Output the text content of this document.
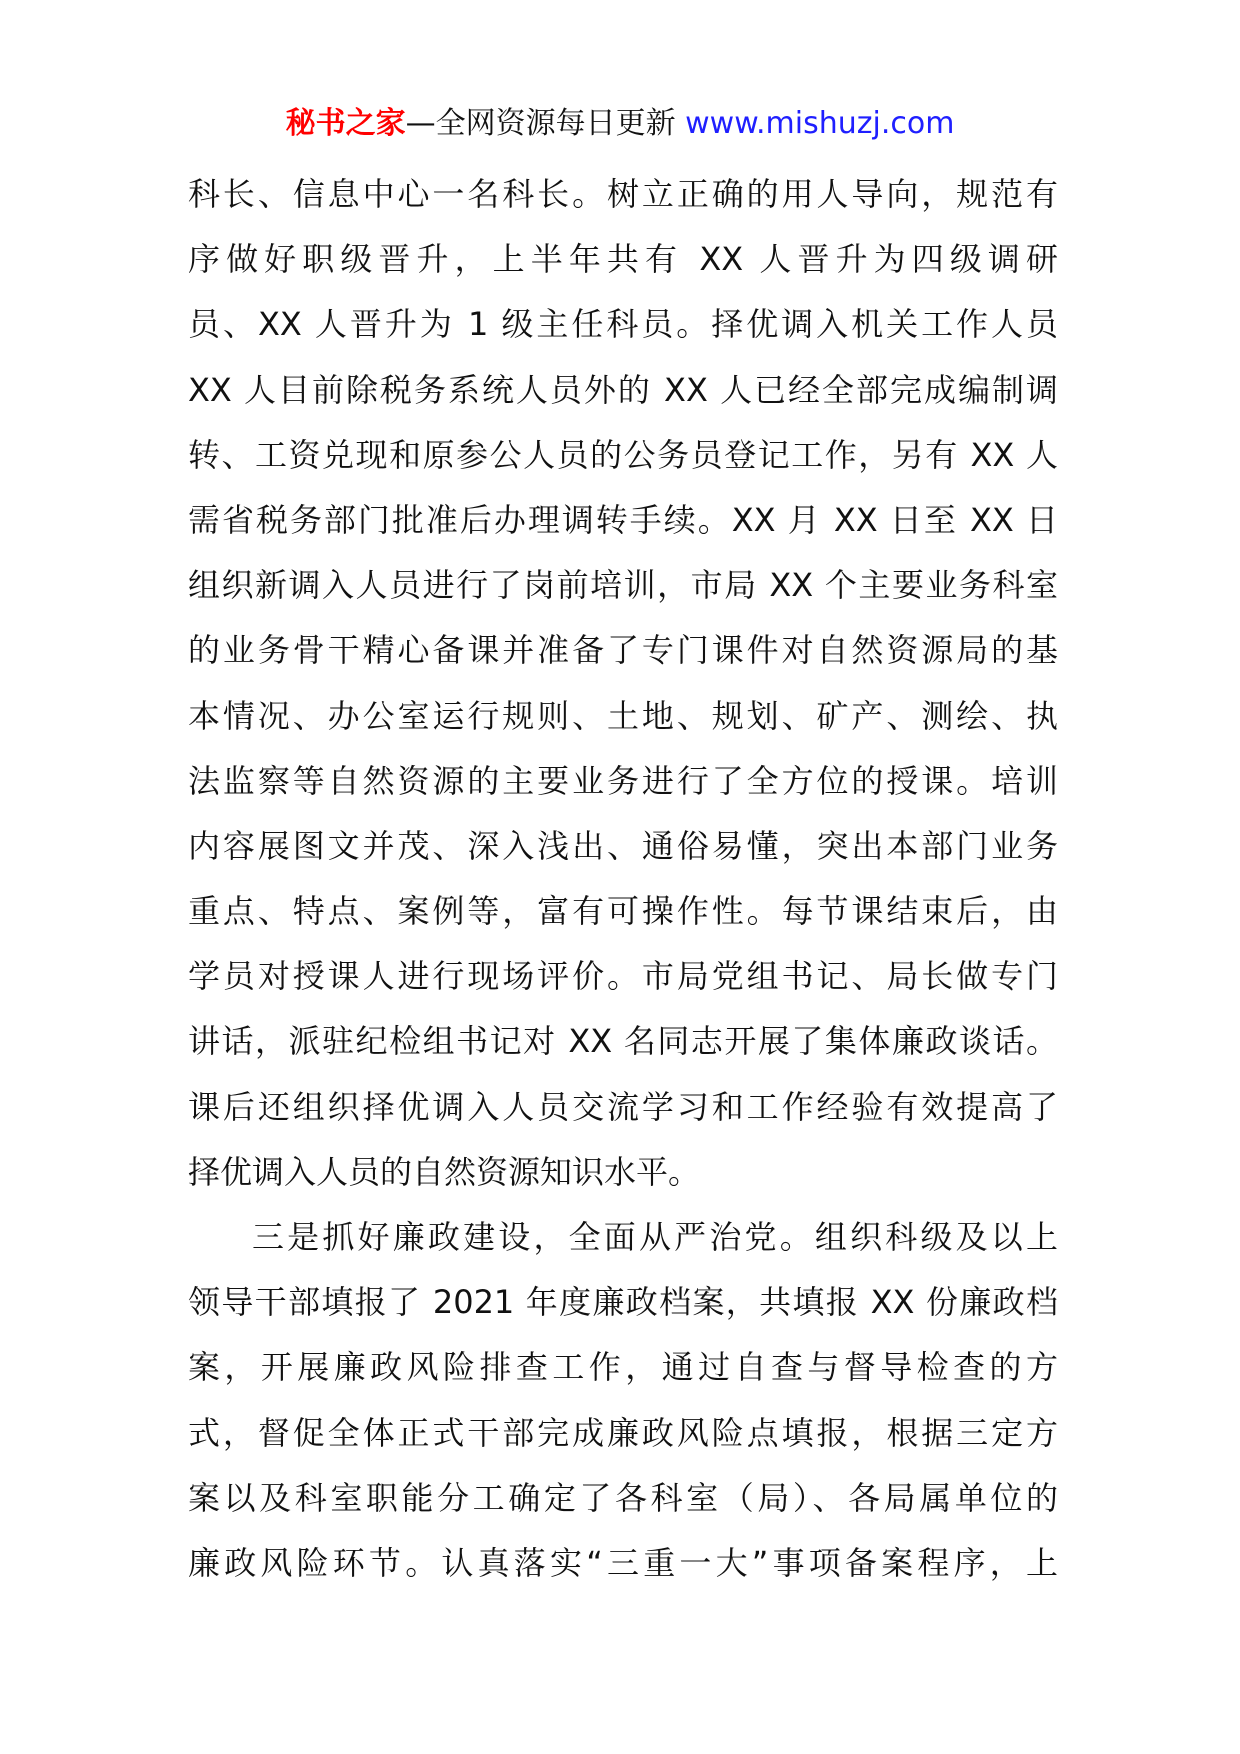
秘书之家—全网资源每日更新 www.mishuzj.com
科长、信息中心一名科长。树立正确的用人导向，规范有
序做好职级晋升，上半年共有 XX 人晋升为四级调研
员、XX 人晋升为 1 级主任科员。择优调入机关工作人员
XX 人目前除税务系统人员外的 XX 人已经全部完成编制调
转、工资兑现和原参公人员的公务员登记工作，另有 XX 人
需省税务部门批准后办理调转手续。XX 月 XX 日至 XX 日
组织新调入人员进行了岗前培训，市局 XX 个主要业务科室
的业务骨干精心备课并准备了专门课件对自然资源局的基
本情况、办公室运行规则、土地、规划、矿产、测绘、执
法监察等自然资源的主要业务进行了全方位的授课。培训
内容展图文并茂、深入浅出、通俗易懂，突出本部门业务
重点、特点、案例等，富有可操作性。每节课结束后，由
学员对授课人进行现场评价。市局党组书记、局长做专门
讲话，派驻纪检组书记对 XX 名同志开展了集体廉政谈话。
课后还组织择优调入人员交流学习和工作经验有效提高了
择优调入人员的自然资源知识水平。
三是抓好廉政建设，全面从严治党。组织科级及以上
领导干部填报了 2021 年度廉政档案，共填报 XX 份廉政档
案，开展廉政风险排查工作，通过自查与督导检查的方
式，督促全体正式干部完成廉政风险点填报，根据三定方
案以及科室职能分工确定了各科室（局）、各局属单位的
廉政风险环节。认真落实“三重一大”事项备案程序，上
